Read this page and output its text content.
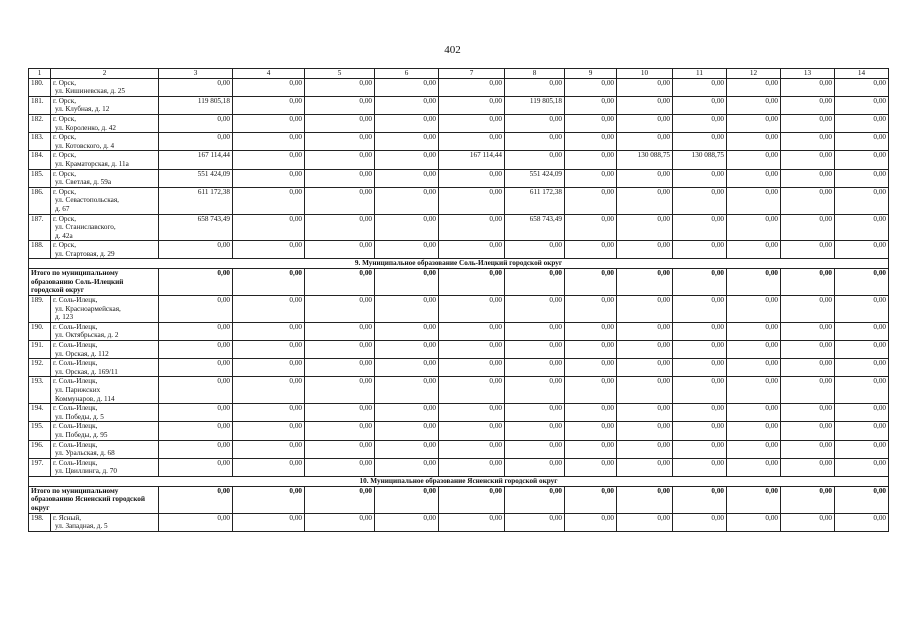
402
1	2	3	4	5	6	7	8	9	10	11	12	13	14
180.	г. Орск,
ул. Кишиневская, д. 25	0,00	0,00	0,00	0,00	0,00	0,00	0,00	0,00	0,00	0,00	0,00	0,00
181.	г. Орск,
ул. Клубная, д. 12	119 805,18	0,00	0,00	0,00	0,00	119 805,18	0,00	0,00	0,00	0,00	0,00	0,00
182.	г. Орск,
ул. Короленко, д. 42	0,00	0,00	0,00	0,00	0,00	0,00	0,00	0,00	0,00	0,00	0,00	0,00
183.	г. Орск,
ул. Котовского, д. 4	0,00	0,00	0,00	0,00	0,00	0,00	0,00	0,00	0,00	0,00	0,00	0,00
184.	г. Орск,
ул. Краматорская, д. 11а	167 114,44	0,00	0,00	0,00	167 114,44	0,00	0,00	130 088,75	130 088,75	0,00	0,00	0,00
185.	г. Орск,
ул. Светлая, д. 59а	551 424,09	0,00	0,00	0,00	0,00	551 424,09	0,00	0,00	0,00	0,00	0,00	0,00
186.	г. Орск,
ул. Севастопольская,
д. 67	611 172,38	0,00	0,00	0,00	0,00	611 172,38	0,00	0,00	0,00	0,00	0,00	0,00
187.	г. Орск,
ул. Станиславского,
д. 42а	658 743,49	0,00	0,00	0,00	0,00	658 743,49	0,00	0,00	0,00	0,00	0,00	0,00
188.	г. Орск,
ул. Стартовая, д. 29	0,00	0,00	0,00	0,00	0,00	0,00	0,00	0,00	0,00	0,00	0,00	0,00
9. Муниципальное образование Соль-Илецкий городской округ													
Итого по муниципальному образованию Соль-Илецкий городской округ		0,00	0,00	0,00	0,00	0,00	0,00	0,00	0,00	0,00	0,00	0,00	0,00
189.	г. Соль-Илецк,
ул. Красноармейская,
д. 123	0,00	0,00	0,00	0,00	0,00	0,00	0,00	0,00	0,00	0,00	0,00	0,00
190.	г. Соль-Илецк,
ул. Октябрьская, д. 2	0,00	0,00	0,00	0,00	0,00	0,00	0,00	0,00	0,00	0,00	0,00	0,00
191.	г. Соль-Илецк,
ул. Орская, д. 112	0,00	0,00	0,00	0,00	0,00	0,00	0,00	0,00	0,00	0,00	0,00	0,00
192.	г. Соль-Илецк,
ул. Орская, д. 169/11	0,00	0,00	0,00	0,00	0,00	0,00	0,00	0,00	0,00	0,00	0,00	0,00
193.	г. Соль-Илецк,
ул. Парижских
Коммунаров, д. 114	0,00	0,00	0,00	0,00	0,00	0,00	0,00	0,00	0,00	0,00	0,00	0,00
194.	г. Соль-Илецк,
ул. Победы, д. 5	0,00	0,00	0,00	0,00	0,00	0,00	0,00	0,00	0,00	0,00	0,00	0,00
195.	г. Соль-Илецк,
ул. Победы, д. 95	0,00	0,00	0,00	0,00	0,00	0,00	0,00	0,00	0,00	0,00	0,00	0,00
196.	г. Соль-Илецк,
ул. Уральская, д. 68	0,00	0,00	0,00	0,00	0,00	0,00	0,00	0,00	0,00	0,00	0,00	0,00
197.	г. Соль-Илецк,
ул. Цвиллинга, д. 70	0,00	0,00	0,00	0,00	0,00	0,00	0,00	0,00	0,00	0,00	0,00	0,00
10. Муниципальное образование Ясненский городской округ													
Итого по муниципальному образованию Ясненский городской округ		0,00	0,00	0,00	0,00	0,00	0,00	0,00	0,00	0,00	0,00	0,00	0,00
198.	г. Ясный,
ул. Западная, д. 5	0,00	0,00	0,00	0,00	0,00	0,00	0,00	0,00	0,00	0,00	0,00	0,00
